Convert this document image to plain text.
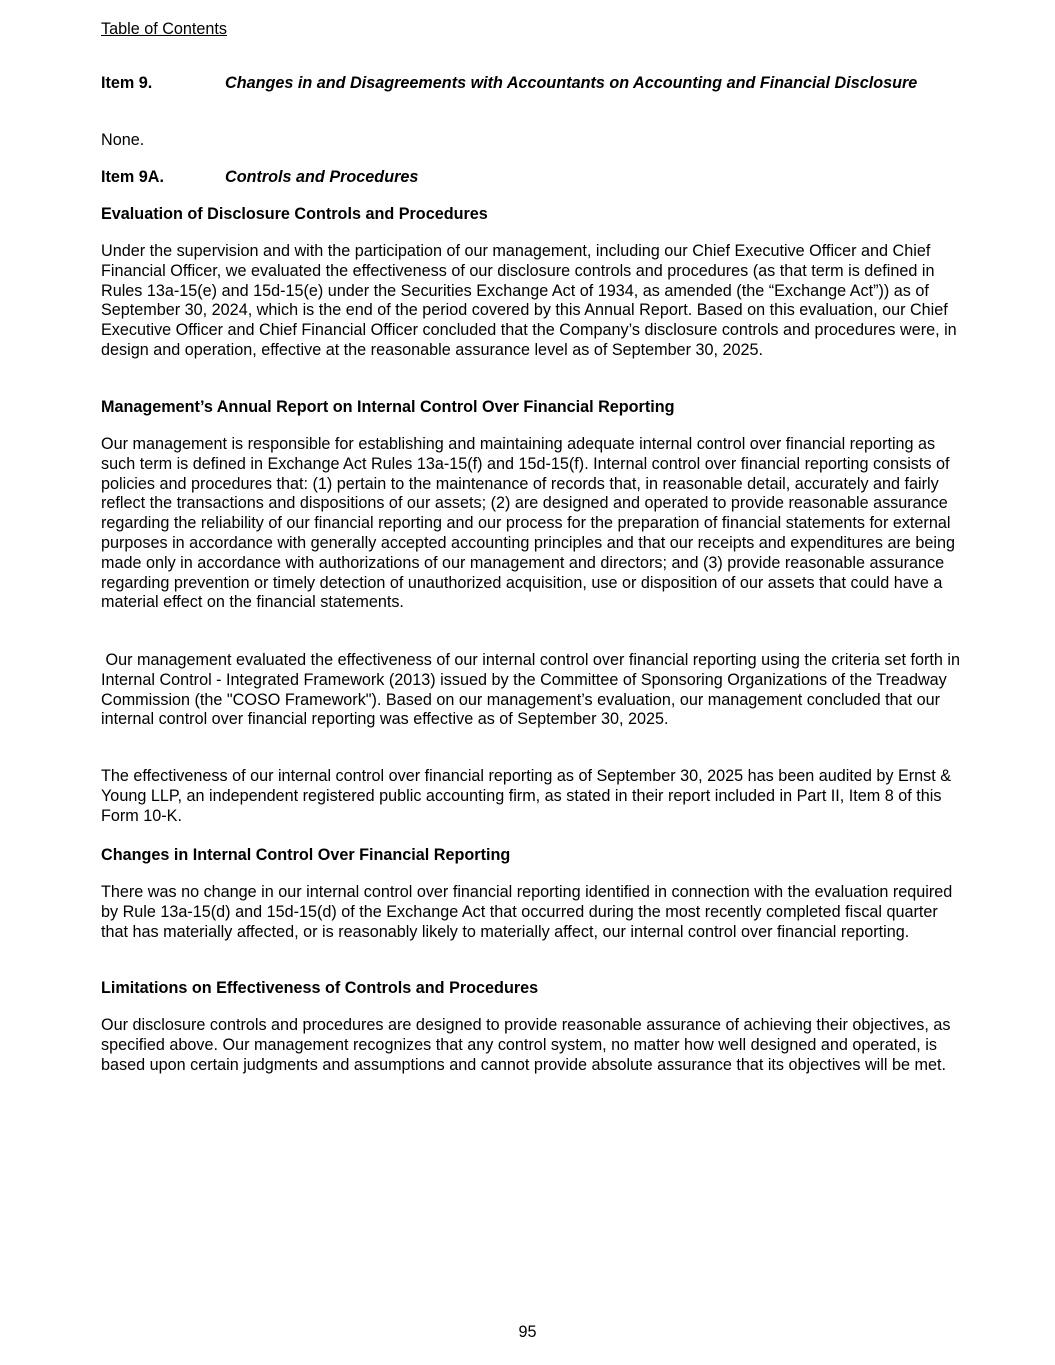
Table of Contents
Item 9.	Changes in and Disagreements with Accountants on Accounting and Financial Disclosure

None.

Item 9A.	Controls and Procedures

Evaluation of Disclosure Controls and Procedures

Under the supervision and with the participation of our management, including our Chief Executive Officer and Chief Financial Officer, we evaluated the effectiveness of our disclosure controls and procedures (as that term is defined in Rules 13a-15(e) and 15d-15(e) under the Securities Exchange Act of 1934, as amended (the “Exchange Act”)) as of September 30, 2024, which is the end of the period covered by this Annual Report. Based on this evaluation, our Chief Executive Officer and Chief Financial Officer concluded that the Company’s disclosure controls and procedures were, in design and operation, effective at the reasonable assurance level as of September 30, 2025.

Management’s Annual Report on Internal Control Over Financial Reporting

Our management is responsible for establishing and maintaining adequate internal control over financial reporting as such term is defined in Exchange Act Rules 13a-15(f) and 15d-15(f). Internal control over financial reporting consists of policies and procedures that: (1) pertain to the maintenance of records that, in reasonable detail, accurately and fairly reflect the transactions and dispositions of our assets; (2) are designed and operated to provide reasonable assurance regarding the reliability of our financial reporting and our process for the preparation of financial statements for external purposes in accordance with generally accepted accounting principles and that our receipts and expenditures are being made only in accordance with authorizations of our management and directors; and (3) provide reasonable assurance regarding prevention or timely detection of unauthorized acquisition, use or disposition of our assets that could have a material effect on the financial statements.

Our management evaluated the effectiveness of our internal control over financial reporting using the criteria set forth in Internal Control - Integrated Framework (2013) issued by the Committee of Sponsoring Organizations of the Treadway Commission (the "COSO Framework"). Based on our management’s evaluation, our management concluded that our internal control over financial reporting was effective as of September 30, 2025.

The effectiveness of our internal control over financial reporting as of September 30, 2025 has been audited by Ernst & Young LLP, an independent registered public accounting firm, as stated in their report included in Part II, Item 8 of this Form 10-K.

Changes in Internal Control Over Financial Reporting

There was no change in our internal control over financial reporting identified in connection with the evaluation required by Rule 13a-15(d) and 15d-15(d) of the Exchange Act that occurred during the most recently completed fiscal quarter that has materially affected, or is reasonably likely to materially affect, our internal control over financial reporting.

Limitations on Effectiveness of Controls and Procedures

Our disclosure controls and procedures are designed to provide reasonable assurance of achieving their objectives, as specified above. Our management recognizes that any control system, no matter how well designed and operated, is based upon certain judgments and assumptions and cannot provide absolute assurance that its objectives will be met.

95
